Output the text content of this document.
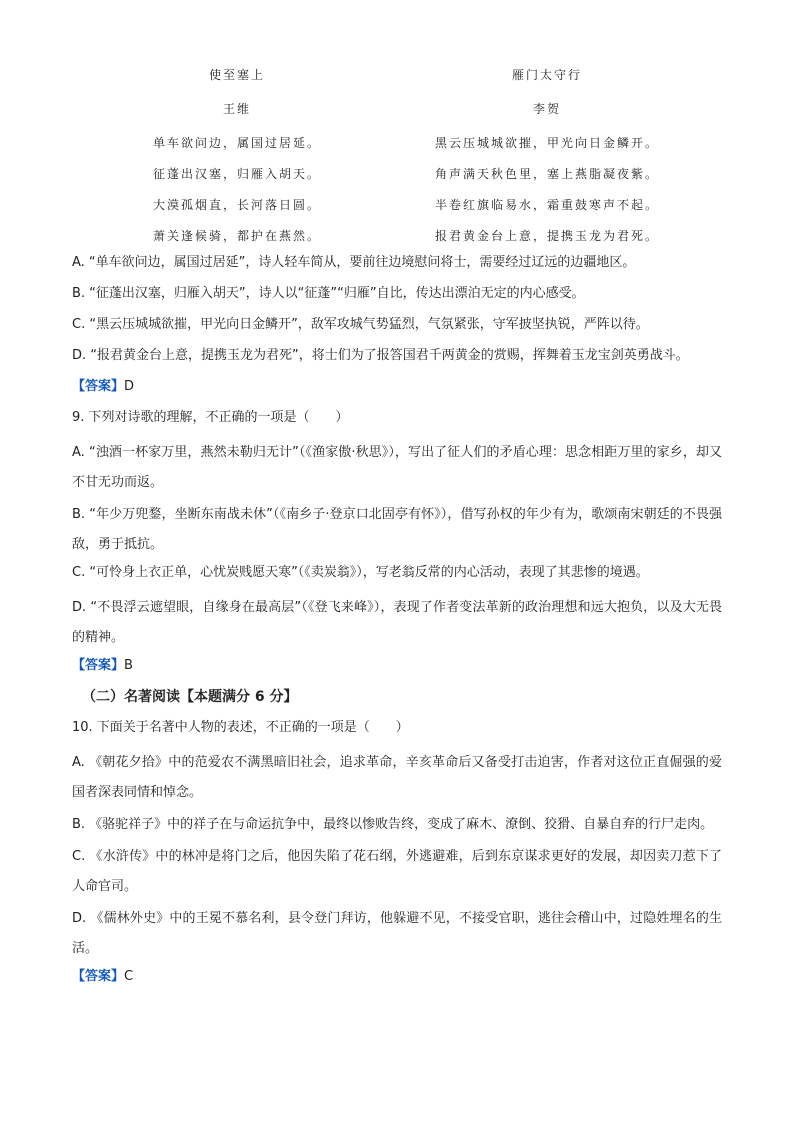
使至塞上
王维
单车欲问边，属国过居延。
征蓬出汉塞，归雁入胡天。
大漠孤烟直，长河落日圆。
萧关逢候骑，都护在燕然。
雁门太守行
李贺
黑云压城城欲摧，甲光向日金鳞开。
角声满天秋色里，塞上燕脂凝夜紫。
半卷红旗临易水，霜重鼓寒声不起。
报君黄金台上意，提携玉龙为君死。

A. “单车欲问边，属国过居延”，诗人轻车简从，要前往边境慰问将士，需要经过辽远的边疆地区。

B. “征蓬出汉塞，归雁入胡天”，诗人以“征蓬”“归雁”自比，传达出漂泊无定的内心感受。

C. “黑云压城城欲摧，甲光向日金鳞开”，敌军攻城气势猛烈，气氛紧张，守军披坚执锐，严阵以待。

D. “报君黄金台上意，提携玉龙为君死”，将士们为了报答国君千两黄金的赏赐，挥舞着玉龙宝剑英勇战斗。

【答案】D

9. 下列对诗歌的理解，不正确的一项是（　　）

A. “浊酒一杯家万里，燕然未勒归无计”（《渔家傲·秋思》），写出了征人们的矛盾心理：思念相距万里的家乡，却又不甘无功而返。

B. “年少万兜鍪，坐断东南战未休”（《南乡子·登京口北固亭有怀》），借写孙权的年少有为，歌颂南宋朝廷的不畏强敌，勇于抵抗。

C. “可怜身上衣正单，心忧炭贱愿天寒”（《卖炭翁》），写老翁反常的内心活动，表现了其悲惨的境遇。

D. “不畏浮云遮望眼，自缘身在最高层”（《登飞来峰》），表现了作者变法革新的政治理想和远大抱负，以及大无畏的精神。

【答案】B
（二）名著阅读【本题满分 6 分】

10. 下面关于名著中人物的表述，不正确的一项是（　　）

A. 《朝花夕拾》中的范爱农不满黑暗旧社会，追求革命，辛亥革命后又备受打击迫害，作者对这位正直倔强的爱国者深表同情和悼念。

B. 《骆驼祥子》中的祥子在与命运抗争中，最终以惨败告终，变成了麻木、潦倒、狡猾、自暴自弃的行尸走肉。

C. 《水浒传》中的林冲是将门之后，他因失陷了花石纲，外逃避难，后到东京谋求更好的发展，却因卖刀惹下了人命官司。

D. 《儒林外史》中的王冕不慕名利，县令登门拜访，他躲避不见，不接受官职，逃往会稽山中，过隐姓埋名的生活。

【答案】C
